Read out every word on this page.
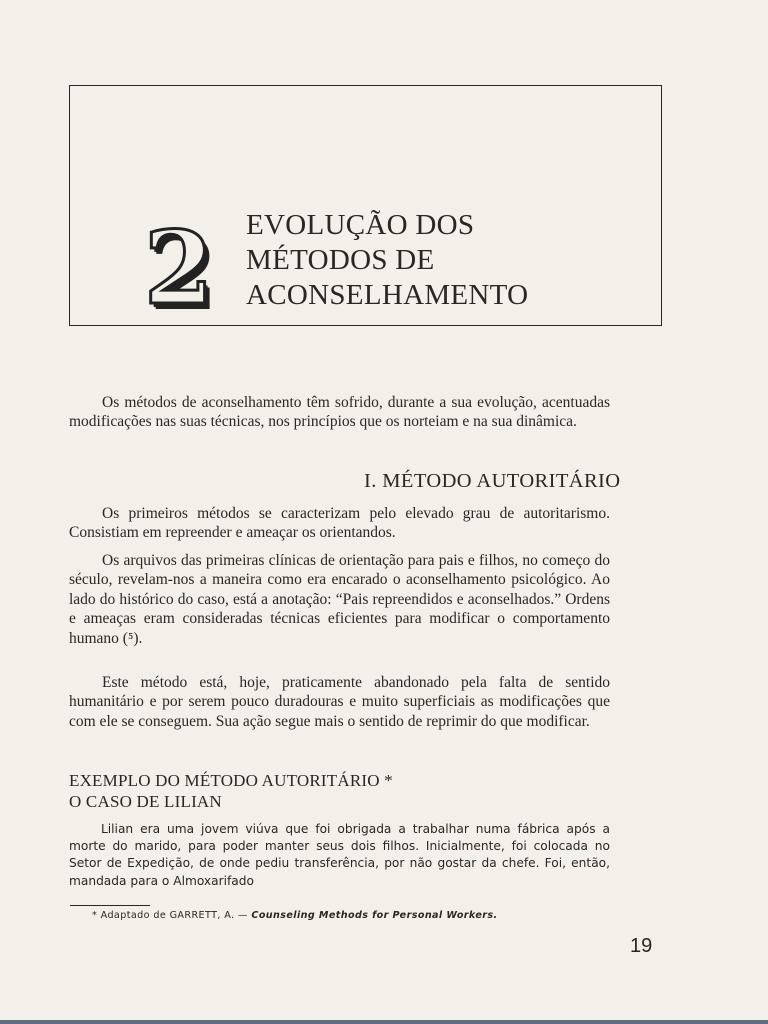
2 EVOLUÇÃO DOS
MÉTODOS DE
ACONSELHAMENTO

Os métodos de aconselhamento têm sofrido, durante a sua evolução, acentuadas modificações nas suas técnicas, nos princípios que os norteiam e na sua dinâmica.

I. MÉTODO AUTORITÁRIO

Os primeiros métodos se caracterizam pelo elevado grau de autoritarismo. Consistiam em repreender e ameaçar os orientandos.

Os arquivos das primeiras clínicas de orientação para pais e filhos, no começo do século, revelam-nos a maneira como era encarado o aconselhamento psicológico. Ao lado do histórico do caso, está a anotação: “Pais repreendidos e aconselhados.” Ordens e ameaças eram consideradas técnicas eficientes para modificar o comportamento humano (⁵).

Este método está, hoje, praticamente abandonado pela falta de sentido humanitário e por serem pouco duradouras e muito superficiais as modificações que com ele se conseguem. Sua ação segue mais o sentido de reprimir do que modificar.

EXEMPLO DO MÉTODO AUTORITÁRIO *
O CASO DE LILIAN

Lilian era uma jovem viúva que foi obrigada a trabalhar numa fábrica após a morte do marido, para poder manter seus dois filhos. Inicialmente, foi colocada no Setor de Expedição, de onde pediu transferência, por não gostar da chefe. Foi, então, mandada para o Almoxarifado

* Adaptado de GARRETT, A. — Counseling Methods for Personal Workers.
19
